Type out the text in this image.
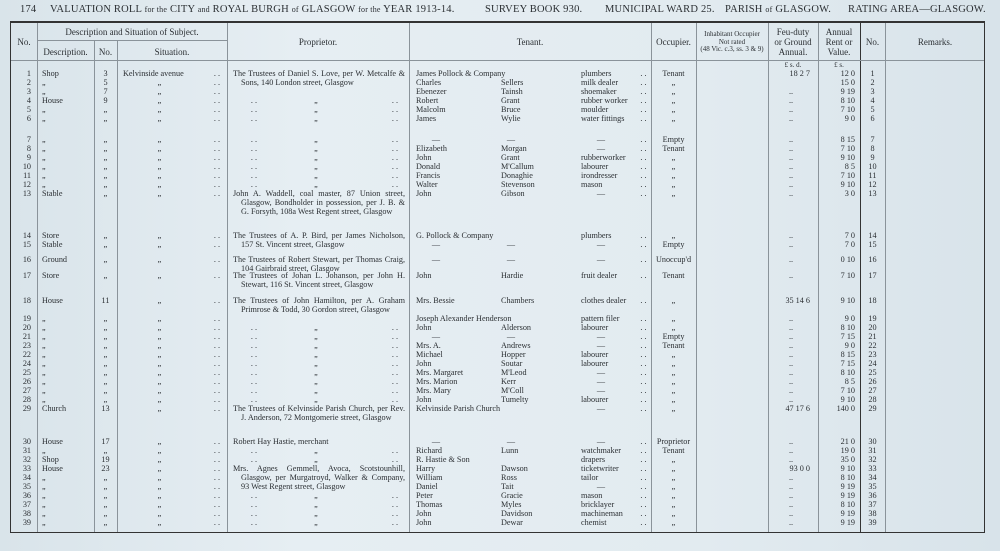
174 VALUATION ROLL for the CITY and ROYAL BURGH of GLASGOW for the YEAR 1913-14.	SURVEY BOOK 930. MUNICIPAL WARD 25. PARISH of GLASGOW. RATING AREA—GLASGOW.
No.
Description and Situation of Subject.
Description.	No.	Situation.
Proprietor.	Tenant.	Occupier.
Inhabitant Occupier
Not rated
(48 Vic. c.3, ss. 3 & 9)
Feu-duty
or Ground
Annual.
Annual
Rent or
Value.
£ s. d.	£ s.
No.	Remarks.
1 Shop	3	Kelvinside avenue	. .	James Pollock & Company	plumbers	. .	Tenant	18 2 7	12 0
2 „	5	„	. .	Charles	Sellers	milk dealer	. .	„	15 0
3 „	7	„	. .	Ebenezer	Tainsh	shoemaker	. .	„	..	9 19
4 House	9	„	. .	Robert	Grant	rubber worker	. .	„	..	8 10
5 „	„	„	. .	Malcolm	Bruce	moulder	. .	„	..	7 10
6 „	„	„	. .	James	Wylie	water fittings	. .	„	..	9 0
7 „	„	„	. .	—	—	—	. .	Empty	..	8 15
8 „	„	„	. .	Elizabeth	Morgan	—	. .	Tenant	..	7 10
9 „	„	„	. .	John	Grant	rubberworker	. .	„	..	9 10
10 „	„	„	. .	Donald	M'Callum	labourer	. .	„	..	8 5
11 „	„	„	. .	Francis	Donaghie	irondresser	. .	„	..	7 10
12 „	„	„	. .	Walter	Stevenson	mason	. .	„	..	9 10
13 Stable	„	„	. .	John	Gibson	—	. .	„	..	3 0
14 Store	„	„	. .	G. Pollock & Company	plumbers	. .	„	..	7 0
15 Stable	„	„	. .	—	—	—	. .	Empty	..	7 0
16 Ground	„	„	. .	—	—	—	. .	Unoccup'd	..	0 10
17 Store	„	„	. .	John	Hardie	fruit dealer	. .	Tenant	..	7 10
18 House	11	„	. .	Mrs. Bessie	Chambers	clothes dealer	. .	„	35 14 6	9 10
19 „	„	„	. .	Joseph Alexander Henderson	pattern filer	. .	„	..	9 0
20 „	„	„	. .	John	Alderson	labourer	. .	„	..	8 10
21 „	„	„	. .	—	—	—	. .	Empty	..	7 15
23 „	„	„	. .	Mrs. A.	Andrews	—	. .	Tenant	..	9 0
22 „	„	„	. .	Michael	Hopper	labourer	. .	„	..	8 15
24 „	„	„	. .	John	Soutar	labourer	. .	„	..	7 15
25 „	„	„	. .	Mrs. Margaret	M'Leod	—	. .	„	..	8 10
26 „	„	„	. .	Mrs. Marion	Kerr	—	. .	„	..	8 5
27 „	„	„	. .	Mrs. Mary	M'Coll	—	. .	„	..	7 10
28 „	„	„	. .	John	Tumelty	labourer	. .	„	..	9 10
29 Church	13	„	. .	Kelvinside Parish Church	—	. .	„	47 17 6	140 0
30 House	17	„	. .	—	—	—	. .	Proprietor	..	21 0
31 „	„	„	. .	Richard	Lunn	watchmaker	. .	Tenant	..	19 0
32 Shop	19	„	. .	R. Hastie & Son	drapers	. .	„	..	35 0
33 House	23	„	. .	Harry	Dawson	ticketwriter	. .	„	93 0 0	9 10
34 „	„	„	. .	William	Ross	tailor	. .	„	..	8 10
35 „	„	„	. .	Daniel	Tait	—	. .	„	..	9 19
36 „	„	„	. .	Peter	Gracie	mason	. .	„	..	9 19
37 „	„	„	. .	Thomas	Myles	bricklayer	. .	„	..	8 10
38 „	„	„	. .	John	Davidson	machineman	. .	„	..	9 19
39 „	„	„	. .	John	Dewar	chemist	. .	„	..	9 19
1
2
3
4
5
6
7
8
9
10
11
12
13
14
15
16
17
18
19
20
21
22
23
24
25
26
27
28
29
30
31
32
33
34
35
36
37
38
39
The Trustees of Daniel S. Love, per W. Metcalfe & Sons, 140 London street, Glasgow
John A. Waddell, coal master, 87 Union street, Glasgow, Bondholder in possession, per J. B. & G. Forsyth, 108a West Regent street, Glasgow
The Trustees of A. P. Bird, per James Nicholson, 157 St. Vincent street, Glasgow
The Trustees of Robert Stewart, per Thomas Craig, 104 Gairbraid street, Glasgow
The Trustees of Johan L. Johanson, per John H. Stewart, 116 St. Vincent street, Glasgow
The Trustees of John Hamilton, per A. Graham Primrose & Todd, 30 Gordon street, Glasgow
The Trustees of Kelvinside Parish Church, per Rev. J. Anderson, 72 Montgomerie street, Glasgow
Robert Hay Hastie, merchant
Mrs. Agnes Gemmell, Avoca, Scotstounhill, Glasgow, per Murgatroyd, Walker & Company, 93 West Regent street, Glasgow
. .	„	. .
. .	„	. .
. .	„	. .
. .	„	. .
. .	„	. .
. .	„	. .
. .	„	. .
. .	„	. .
. .	„	. .
. .	„	. .
. .	„	. .
. .	„	. .
. .	„	. .
. .	„	. .
. .	„	. .
. .	„	. .
. .	„	. .
. .	„	. .
. .	„	. .
. .	„	. .
. .	„	. .
. .	„	. .
. .	„	. .
. .	„	. .
